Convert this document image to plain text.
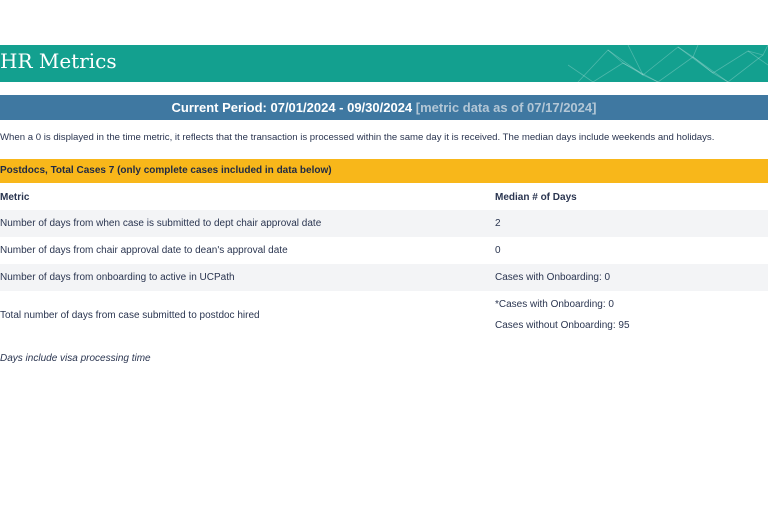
HR Metrics
Current Period: 07/01/2024 - 09/30/2024 [metric data as of 07/17/2024]
When a 0 is displayed in the time metric, it reflects that the transaction is processed within the same day it is received. The median days include weekends and holidays.
Postdocs, Total Cases 7 (only complete cases included in data below)
Metric	Median # of Days
Number of days from when case is submitted to dept chair approval date	2
Number of days from chair approval date to dean's approval date	0
Number of days from onboarding to active in UCPath	Cases with Onboarding: 0
Total number of days from case submitted to postdoc hired	*Cases with Onboarding: 0
Cases without Onboarding: 95
Days include visa processing time
